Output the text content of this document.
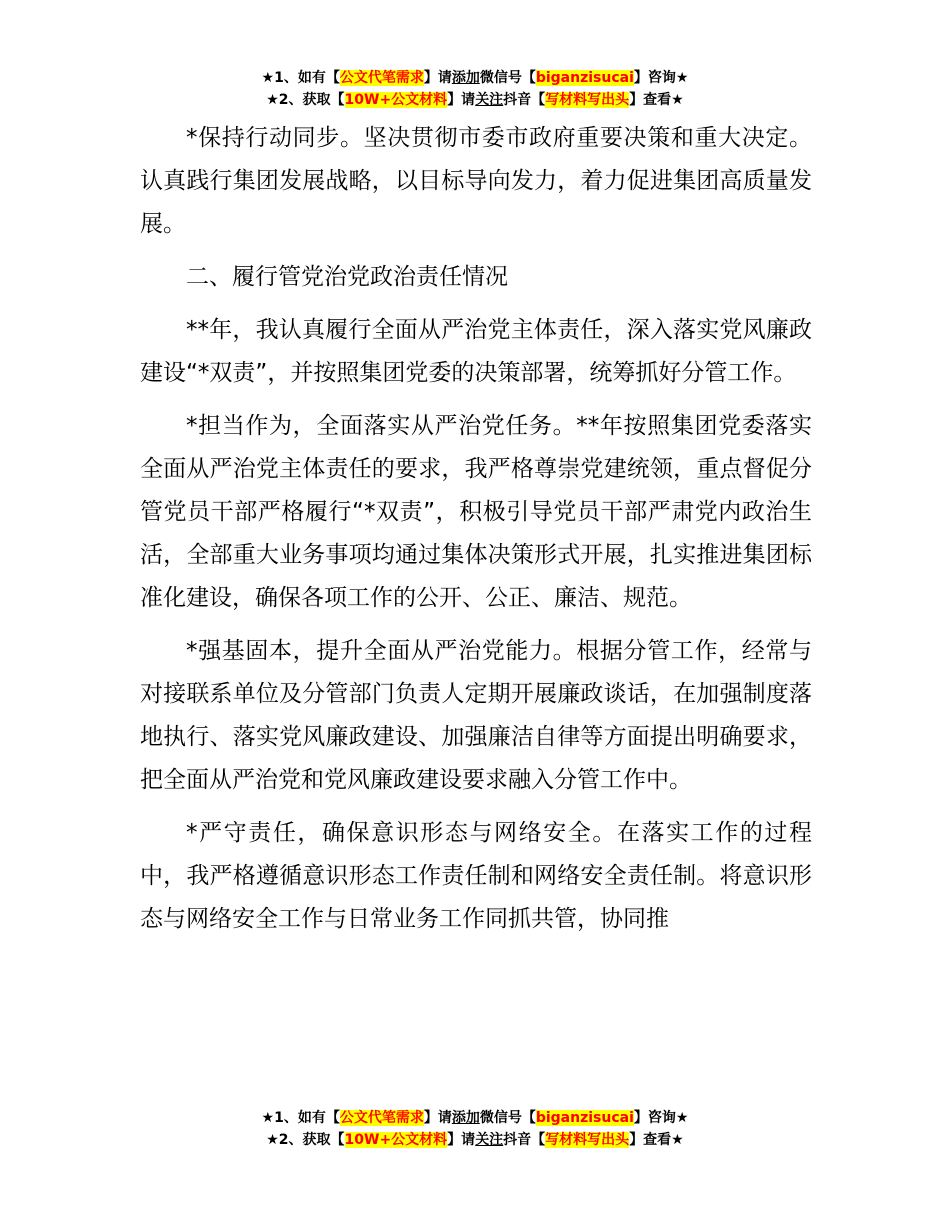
★1、如有【公文代笔需求】请添加微信号【biganzisucai】咨询★
★2、获取【10W+公文材料】请关注抖音【写材料写出头】查看★

*保持行动同步。坚决贯彻市委市政府重要决策和重大决定。认真践行集团发展战略，以目标导向发力，着力促进集团高质量发展。

二、履行管党治党政治责任情况

**年，我认真履行全面从严治党主体责任，深入落实党风廉政建设“*双责”，并按照集团党委的决策部署，统筹抓好分管工作。

*担当作为，全面落实从严治党任务。**年按照集团党委落实全面从严治党主体责任的要求，我严格尊崇党建统领，重点督促分管党员干部严格履行“*双责”，积极引导党员干部严肃党内政治生活，全部重大业务事项均通过集体决策形式开展，扎实推进集团标准化建设，确保各项工作的公开、公正、廉洁、规范。

*强基固本，提升全面从严治党能力。根据分管工作，经常与对接联系单位及分管部门负责人定期开展廉政谈话，在加强制度落地执行、落实党风廉政建设、加强廉洁自律等方面提出明确要求，把全面从严治党和党风廉政建设要求融入分管工作中。

*严守责任，确保意识形态与网络安全。在落实工作的过程中，我严格遵循意识形态工作责任制和网络安全责任制。将意识形态与网络安全工作与日常业务工作同抓共管，协同推

★1、如有【公文代笔需求】请添加微信号【biganzisucai】咨询★
★2、获取【10W+公文材料】请关注抖音【写材料写出头】查看★
